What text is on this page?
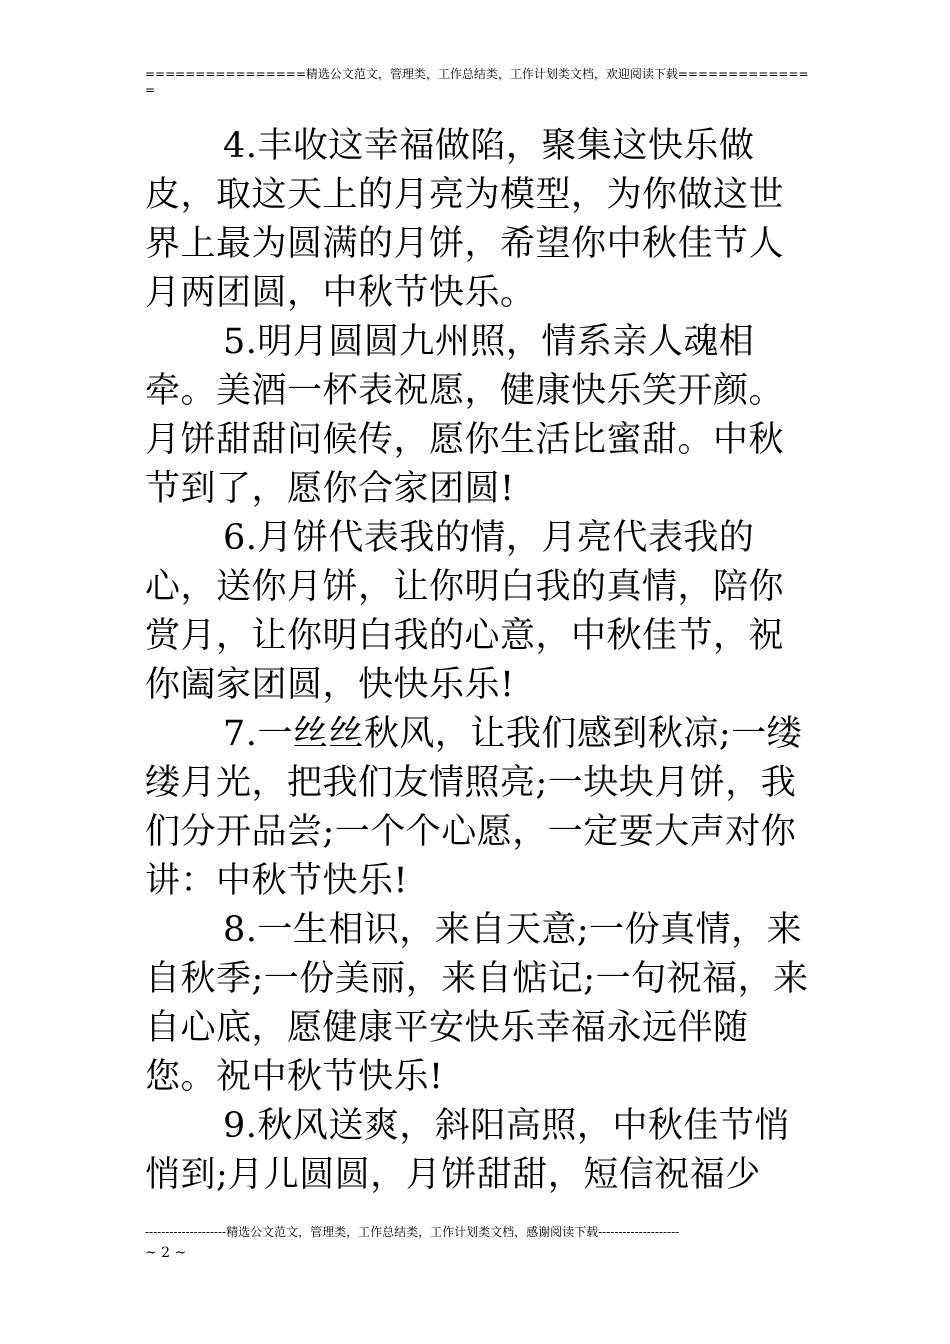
================精选公文范文，管理类，工作总结类，工作计划类文档，欢迎阅读下载==============

4.丰收这幸福做陷，聚集这快乐做皮，取这天上的月亮为模型，为你做这世界上最为圆满的月饼，希望你中秋佳节人月两团圆，中秋节快乐。

5.明月圆圆九州照，情系亲人魂相牵。美酒一杯表祝愿，健康快乐笑开颜。月饼甜甜问候传，愿你生活比蜜甜。中秋节到了，愿你合家团圆!

6.月饼代表我的情，月亮代表我的心，送你月饼，让你明白我的真情，陪你赏月，让你明白我的心意，中秋佳节，祝你阖家团圆，快快乐乐!

7.一丝丝秋风，让我们感到秋凉;一缕缕月光，把我们友情照亮;一块块月饼，我们分开品尝;一个个心愿，一定要大声对你讲：中秋节快乐!

8.一生相识，来自天意;一份真情，来自秋季;一份美丽，来自惦记;一句祝福，来自心底，愿健康平安快乐幸福永远伴随您。祝中秋节快乐!

9.秋风送爽，斜阳高照，中秋佳节悄悄到;月儿圆圆，月饼甜甜，短信祝福少

--------------------精选公文范文，管理类，工作总结类，工作计划类文档，感谢阅读下载--------------------
~ 2 ~
